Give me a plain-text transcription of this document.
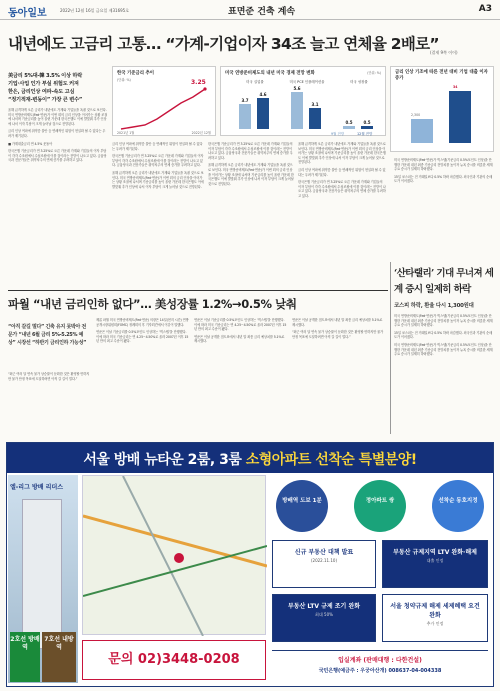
동아일보	2022년 12월 16일 금요일 제31695호	표면준 건축 계속	A3
내년에도 고금리 고통… “가계-기업이자 34조 늘고 연체율 2배로”
(결제 9쪽 이어)
美금리 5%대-韓 3.5% 이상 하락
기업·사업 인가 부실 위험도 커져
한은, 금리인상 여파-속도 고심
“정기적재-변동이” 가장 큰 변수”

올해 급격하게 오른 금리가 내년에도 가계와 기업들을 옥죌 것으로 보인다. 미국 연방준비제도(Fed·연준)가 이번 회의 금리 인상을 이어가는 상황 조절에 나서며 기준금리를 높이 올린 가운데 한국은행도 이에 발맞춰 추가 인상에 나서 이자 부담이 크게 늘어날 것으로 전망된다.

금리 인상 여파에 취약층 불안 등 연쇄적인 위험이 현실화 될 수 있다는 우려가 제기된다.

■ 가계대출금리 연 4.5% 웃돌아

한국은행 기준금리가 연 3.25%로 오른 가운데 가계와 기업들의 이자 부담이 각각 수조원에서 수십조원에 이를 것이라는 전망이 나오고 있다. 금융당국과 전문가들은 취약차주의 연체 증가를 우려하고 있다.

한국 기준금리 추이
(단위: %)	3.25
2021년 1월	2022년 12월
미국 연방준비제도의 내년 미국 경제 전망 변화	(단위: %)
미국 실업률
3.7
4.6
미국 PCE 인플레이션율
5.6
3.1
미국 성장률
0.5	0.5
9월 전망	12월 전망
금리 인상 기조에 따른 전년 대비 기업 대출 이자 증가
2,300
34

금리 인상 여파에 취약층 불안 등 연쇄적인 위험이 현실화 될 수 있다는 우려가 제기된다.

한국은행 기준금리가 연 3.25%로 오른 가운데 가계와 기업들의 이자 부담이 각각 수조원에서 수십조원에 이를 것이라는 전망이 나오고 있다. 금융당국과 전문가들은 취약차주의 연체 증가를 우려하고 있다.

올해 급격하게 오른 금리가 내년에도 가계와 기업들을 옥죌 것으로 보인다. 미국 연방준비제도(Fed·연준)가 이번 회의 금리 인상을 이어가는 상황 조절에 나서며 기준금리를 높이 올린 가운데 한국은행도 이에 발맞춰 추가 인상에 나서 이자 부담이 크게 늘어날 것으로 전망된다.

한국은행 기준금리가 연 3.25%로 오른 가운데 가계와 기업들의 이자 부담이 각각 수조원에서 수십조원에 이를 것이라는 전망이 나오고 있다. 금융당국과 전문가들은 취약차주의 연체 증가를 우려하고 있다.

올해 급격하게 오른 금리가 내년에도 가계와 기업들을 옥죌 것으로 보인다. 미국 연방준비제도(Fed·연준)가 이번 회의 금리 인상을 이어가는 상황 조절에 나서며 기준금리를 높이 올린 가운데 한국은행도 이에 발맞춰 추가 인상에 나서 이자 부담이 크게 늘어날 것으로 전망된다.

올해 급격하게 오른 금리가 내년에도 가계와 기업들을 옥죌 것으로 보인다. 미국 연방준비제도(Fed·연준)가 이번 회의 금리 인상을 이어가는 상황 조절에 나서며 기준금리를 높이 올린 가운데 한국은행도 이에 발맞춰 추가 인상에 나서 이자 부담이 크게 늘어날 것으로 전망된다.

금리 인상 여파에 취약층 불안 등 연쇄적인 위험이 현실화 될 수 있다는 우려가 제기된다.

한국은행 기준금리가 연 3.25%로 오른 가운데 가계와 기업들의 이자 부담이 각각 수조원에서 수십조원에 이를 것이라는 전망이 나오고 있다. 금융당국과 전문가들은 취약차주의 연체 증가를 우려하고 있다.

미국 연방준비제도(Fed·연준)가 빅스텝(기준금리 0.5%포인트 인상)을 단행한 가운데 내년 최종 기준금리 전망치를 높이자 뉴욕 증시를 비롯한 세계 주요 증시가 일제히 하락했다.

15일 코스피는 전 거래일보다 0.5% 하락 마감했다. 외국인과 기관의 순매도가 이어졌다.

‘산타랠리’ 기대 무너져 세계 증시 일제히 하락
코스피 하락, 환율 다시 1,300원대

미국 연방준비제도(Fed·연준)가 빅스텝(기준금리 0.5%포인트 인상)을 단행한 가운데 내년 최종 기준금리 전망치를 높이자 뉴욕 증시를 비롯한 세계 주요 증시가 일제히 하락했다.

15일 코스피는 전 거래일보다 0.5% 하락 마감했다. 외국인과 기관의 순매도가 이어졌다.

미국 연방준비제도(Fed·연준)가 빅스텝(기준금리 0.5%포인트 인상)을 단행한 가운데 내년 최종 기준금리 전망치를 높이자 뉴욕 증시를 비롯한 세계 주요 증시가 일제히 하락했다.

파월 “내년 금리인하 없다”… 美성장률 1.2%→0.5% 낮춰
“아직 갈길 멀다” 긴축 유지 못박아 전문가 “내년 6월 금리 5%-5.25% 예상” 시장선 “하반기 금리인하 가능성”

“최근 여러 달 연속 물가 상승률이 둔화한 것은 환영할 만하지만 물가 안정 목표에 도달하려면 아직 갈 길이 멀다.”

제롬 파월 미국 연방준비제도(Fed·연준) 의장은 14일(현지 시간) 연방공개시장위원회(FOMC) 정례회의 후 기자회견에서 이같이 말했다.

연준은 이날 기준금리를 0.5%포인트 인상하는 ‘빅스텝’을 단행했다. 이에 따라 미국 기준금리는 연 4.25~4.50%로 올라 2007년 이후 15년 만의 최고 수준이 됐다.

연준은 이날 기준금리를 0.5%포인트 인상하는 ‘빅스텝’을 단행했다. 이에 따라 미국 기준금리는 연 4.25~4.50%로 올라 2007년 이후 15년 만의 최고 수준이 됐다.

연준은 이날 공개한 점도표에서 내년 말 최종 금리 예상치를 5.1%로 제시했다.

연준은 이날 공개한 점도표에서 내년 말 최종 금리 예상치를 5.1%로 제시했다.

“최근 여러 달 연속 물가 상승률이 둔화한 것은 환영할 만하지만 물가 안정 목표에 도달하려면 아직 갈 길이 멀다.”

서울 방배 뉴타운 2룸, 3룸 소형아파트 선착순 특별분양!
엘-리그 방배 리더스
2호선 방배역
7호선 내방역
문의 02)3448-0208
방배역 도보 1분	정아파트 쌍	선착순 동호지정
신규 부동산 대책 발표
(2022.11.10)
부동산 규제지역 LTV 완화·해제
대출 인정
부동산 LTV 규제 조기 완화
최대 50%
서울 청약규제 해제 세제혜택 요건 완화
추가 인정
입실계좌 (판매대행 : 다한건설)
국민은행(예금주 : 우궁아산개) 008637-04-004338
